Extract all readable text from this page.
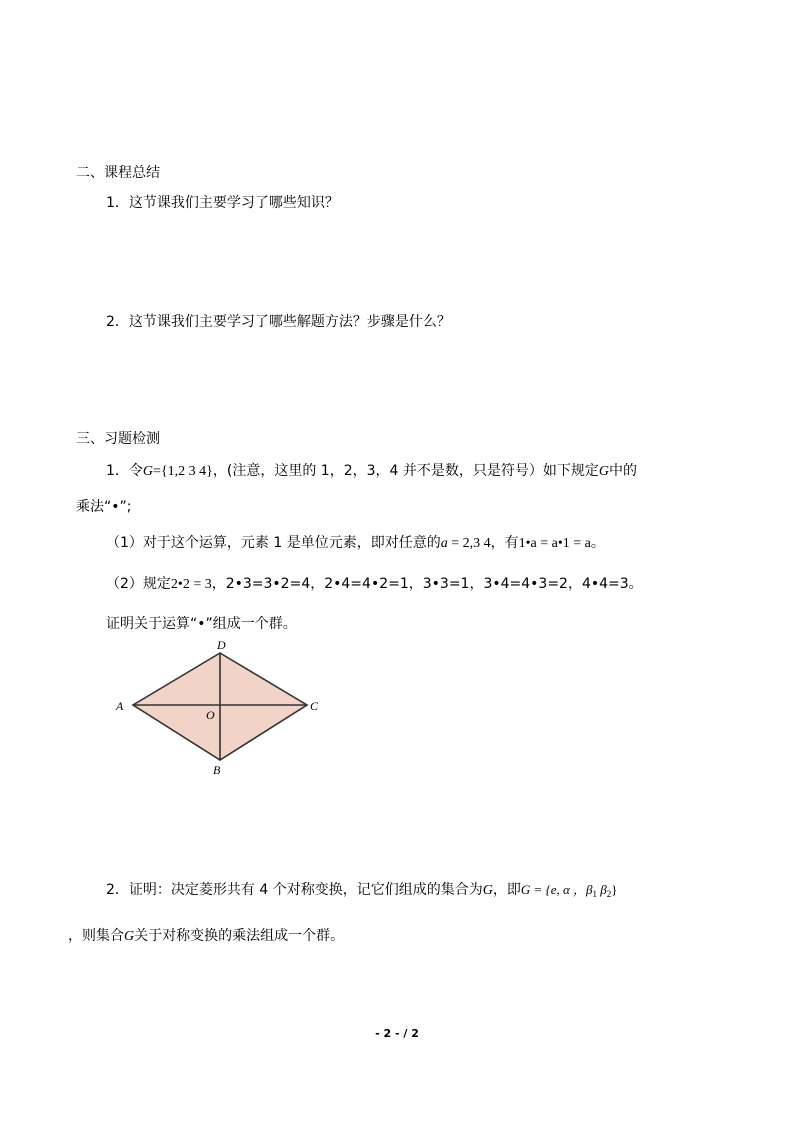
二、课程总结
1．这节课我们主要学习了哪些知识？
2．这节课我们主要学习了哪些解题方法？步骤是什么？
三、习题检测
1．令G={1,2 3 4}，(注意，这里的 1，2，3，4 并不是数，只是符号）如下规定G中的
乘法“•”;
（1）对于这个运算，元素 1 是单位元素，即对任意的a = 2,3 4，有1•a = a•1 = a。
（2）规定2•2 = 3，2•3=3•2=4，2•4=4•2=1，3•3=1，3•4=4•3=2，4•4=3。
证明关于运算“•”组成一个群。
D
A	C
B
O
2．证明：决定菱形共有 4 个对称变换，记它们组成的集合为G，即G = {e, α ，$\beta_1$ $\beta_2$}
，则集合G关于对称变换的乘法组成一个群。
- 2 - / 2
